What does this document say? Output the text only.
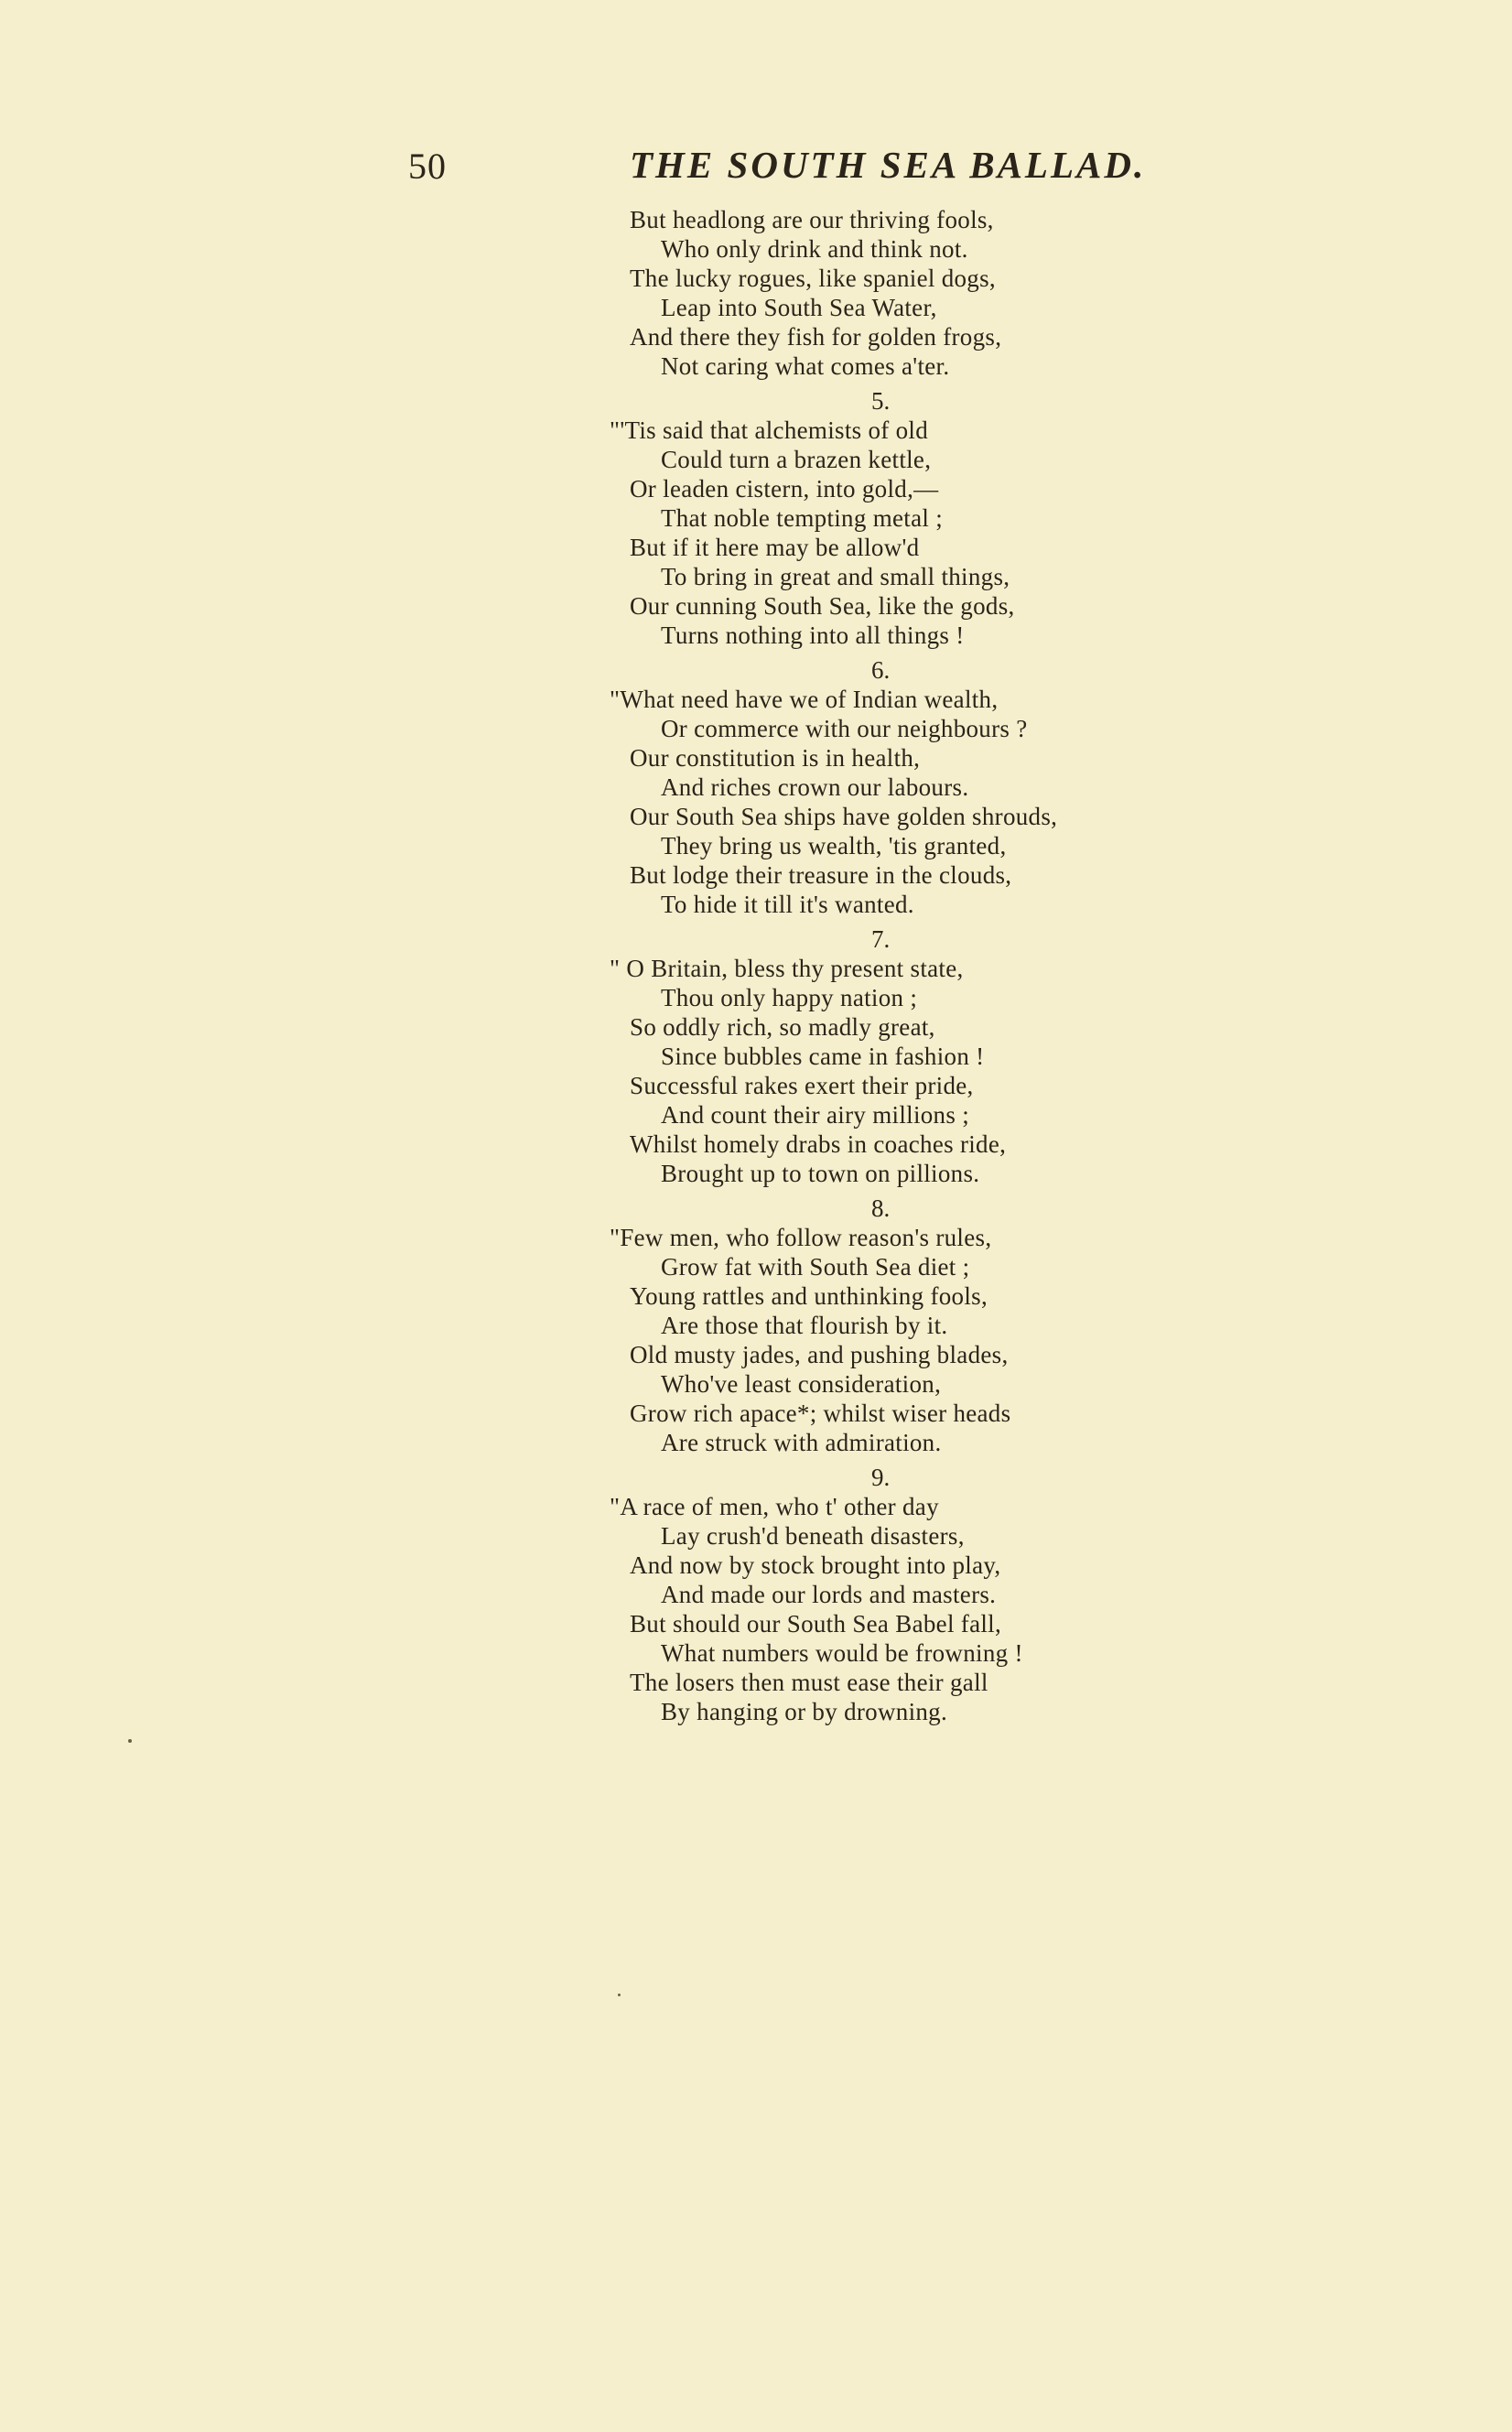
50	THE SOUTH SEA BALLAD.
But headlong are our thriving fools,
Who only drink and think not.
The lucky rogues, like spaniel dogs,
Leap into South Sea Water,
And there they fish for golden frogs,
Not caring what comes a'ter.
5.
"'Tis said that alchemists of old
Could turn a brazen kettle,
Or leaden cistern, into gold,—
That noble tempting metal ;
But if it here may be allow'd
To bring in great and small things,
Our cunning South Sea, like the gods,
Turns nothing into all things !
6.
"What need have we of Indian wealth,
Or commerce with our neighbours ?
Our constitution is in health,
And riches crown our labours.
Our South Sea ships have golden shrouds,
They bring us wealth, 'tis granted,
But lodge their treasure in the clouds,
To hide it till it's wanted.
7.
" O Britain, bless thy present state,
Thou only happy nation ;
So oddly rich, so madly great,
Since bubbles came in fashion !
Successful rakes exert their pride,
And count their airy millions ;
Whilst homely drabs in coaches ride,
Brought up to town on pillions.
8.
"Few men, who follow reason's rules,
Grow fat with South Sea diet ;
Young rattles and unthinking fools,
Are those that flourish by it.
Old musty jades, and pushing blades,
Who've least consideration,
Grow rich apace*; whilst wiser heads
Are struck with admiration.
9.
"A race of men, who t' other day
Lay crush'd beneath disasters,
And now by stock brought into play,
And made our lords and masters.
But should our South Sea Babel fall,
What numbers would be frowning !
The losers then must ease their gall
By hanging or by drowning.
